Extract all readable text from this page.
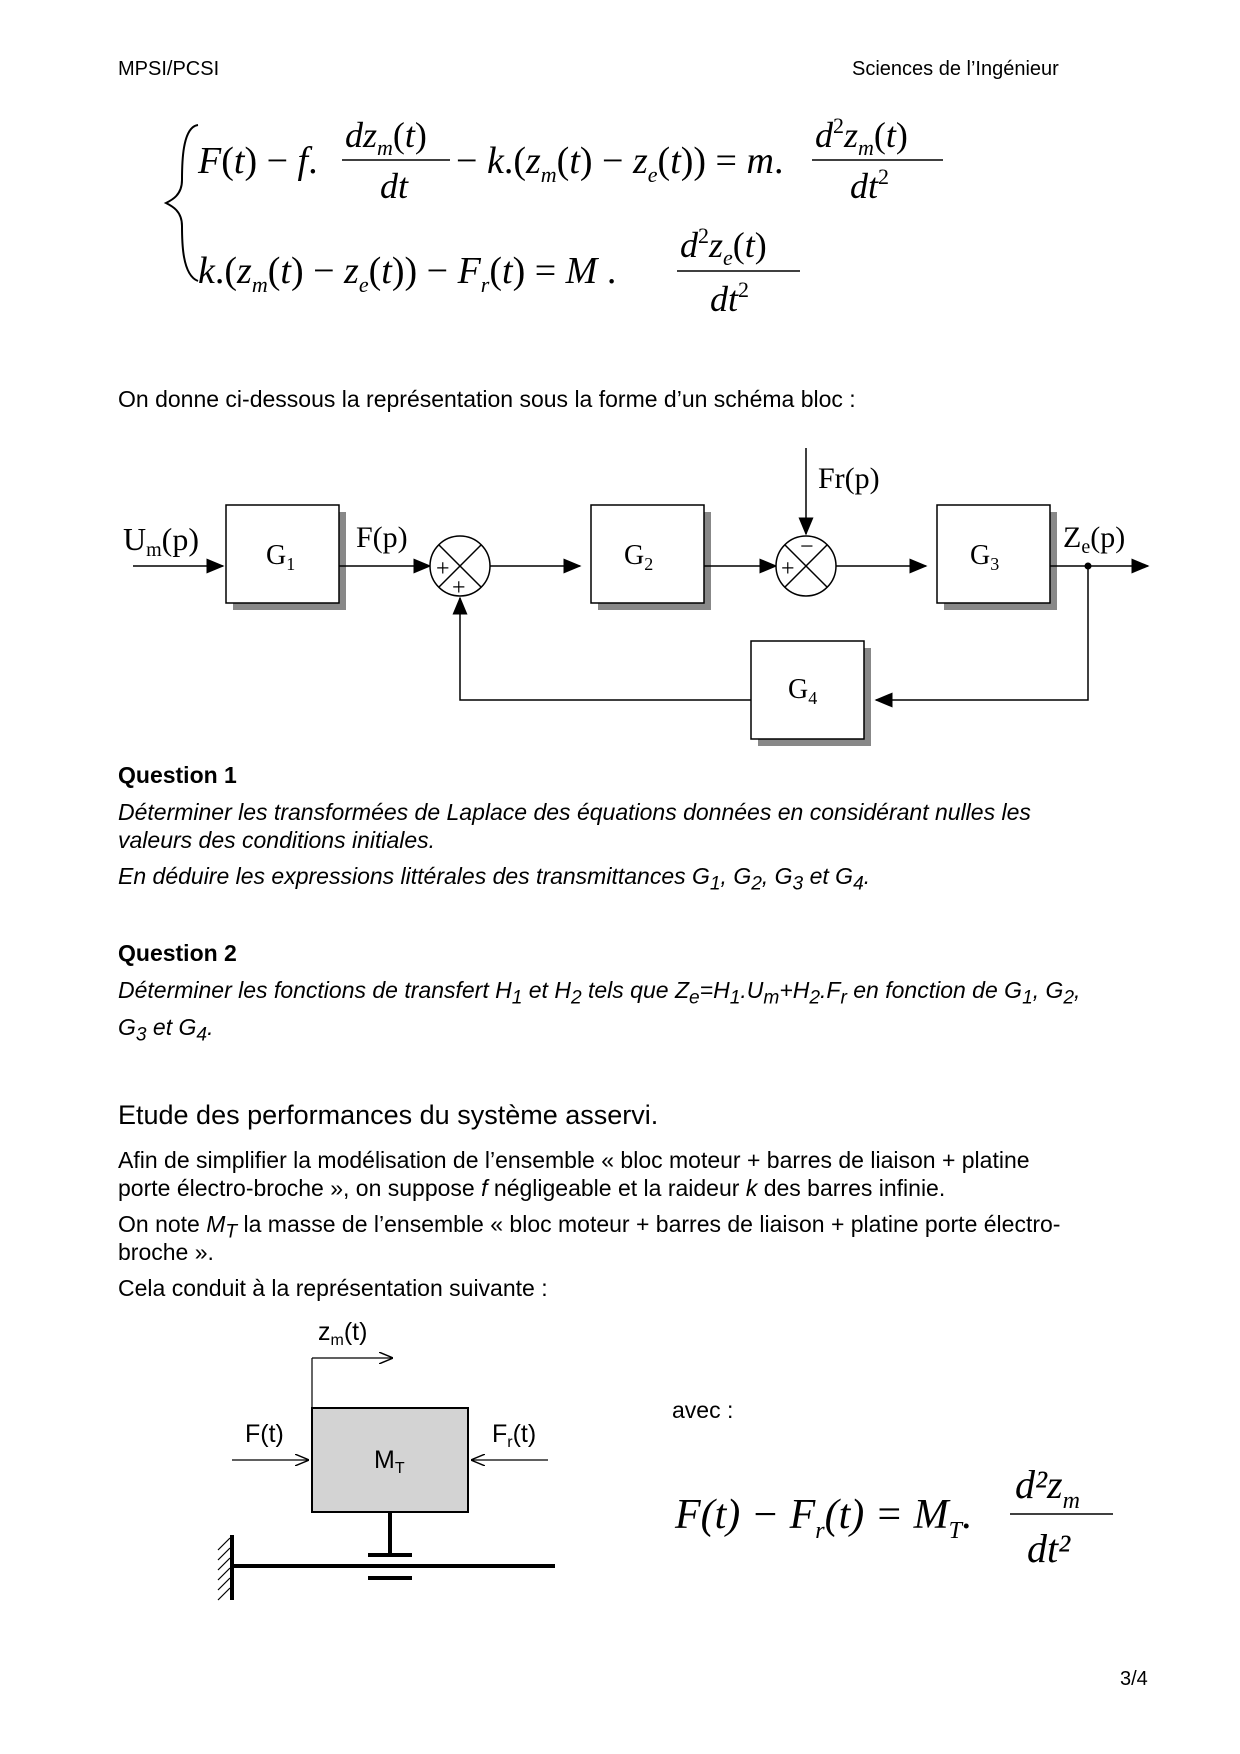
MPSI/PCSI	Sciences de l’Ingénieur
F(t) − f.
$dz_m(t)$
dt
− $k.(z_m(t) - z_e(t)) = m$.
$d^2z_m(t)$
$dt^2$
$k.(z_m(t) - z_e(t)) - F_r(t) = M$ .
$d^2z_e(t)$
$dt^2$
On donne ci-dessous la représentation sous la forme d’un schéma bloc :
Um(p) $G_1$
F(p)
+
+
$G_2$
Fr(p)
+
−	$G_3$
$Z_e(p)$
$G_4$
Question 1
Déterminer les transformées de Laplace des équations données en considérant nulles les
valeurs des conditions initiales.
En déduire les expressions littérales des transmittances $G_1$, $G_2$, $G_3$ et $G_4$.
Question 2
Déterminer les fonctions de transfert $H_1$ et $H_2$ tels que $Z_e=H_1.U_m+H_2.F_r$ en fonction de $G_1$, $G_2$,
$G_3$ et $G_4$.
Etude des performances du système asservi.
Afin de simplifier la modélisation de l’ensemble « bloc moteur + barres de liaison + platine
porte électro-broche », on suppose f négligeable et la raideur k des barres infinie.
On note $M_T$ la masse de l’ensemble « bloc moteur + barres de liaison + platine porte électro-
broche ».
Cela conduit à la représentation suivante :
$z_m(t)$
$M_T$
F(t)	$F_r(t)$
avec :
$F(t) - F_r(t) = M_T$.
$d^2z_m$
dt²
3/4
